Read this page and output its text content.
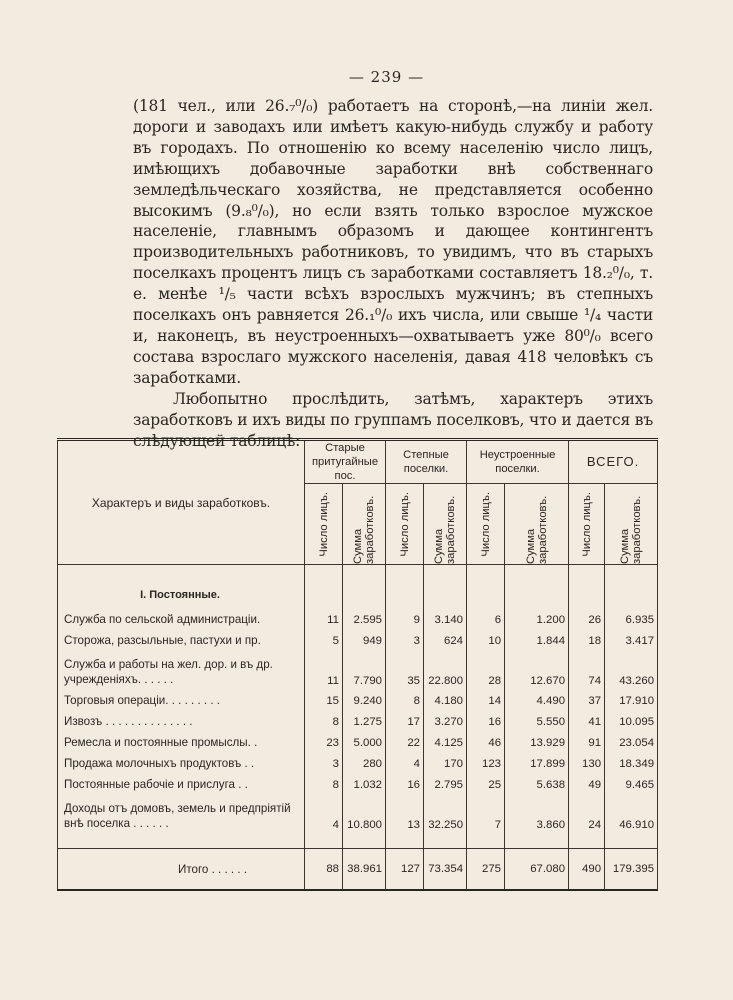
— 239 —

(181 чел., или 26.₇⁰/₀) работаетъ на сторонѣ,—на линіи жел. дороги и заводахъ или имѣетъ какую-нибудь службу и работу въ городахъ. По отношенію ко всему населенію число лицъ, имѣющихъ добавочные заработки внѣ собственнаго земледѣльческаго хозяйства, не представляется особенно высокимъ (9.₈⁰/₀), но если взять только взрослое мужское населеніе, главнымъ образомъ и дающее контингентъ производительныхъ работниковъ, то увидимъ, что въ старыхъ поселкахъ процентъ лицъ съ заработками составляетъ 18.₂⁰/₀, т. е. менѣе ¹/₅ части всѣхъ взрослыхъ мужчинъ; въ степныхъ поселкахъ онъ равняется 26.₁⁰/₀ ихъ числа, или свыше ¹/₄ части и, наконецъ, въ неустроенныхъ—охватываетъ уже 80⁰/₀ всего состава взрослаго мужского населенія, давая 418 человѣкъ съ заработками.

Любопытно прослѣдить, затѣмъ, характеръ этихъ заработковъ и ихъ виды по группамъ поселковъ, что и дается въ слѣдующей таблицѣ:

Характеръ и виды заработковъ.	Старые притугайные пос.		Степные поселки.		Неустроенные поселки.		ВСЕГО.	

	Число лицъ.	Сумма заработковъ.	Число лицъ.	Сумма заработковъ.	Число лицъ.	Сумма заработковъ.	Число лицъ.	Сумма заработковъ.

I. Постоянные.								
Служба по сельской администраціи.	11	2.595	9	3.140	6	1.200	26	6.935
Сторожа, разсыльные, пастухи и пр.	5	949	3	624	10	1.844	18	3.417
Служба и работы на жел. дор. и въ др. учрежденіяхъ. . . . . .	11	7.790	35	22.800	28	12.670	74	43.260
Торговыя операціи. . . . . . . . .	15	9.240	8	4.180	14	4.490	37	17.910
Извозъ . . . . . . . . . . . . . .	8	1.275	17	3.270	16	5.550	41	10.095
Ремесла и постоянные промыслы. .	23	5.000	22	4.125	46	13.929	91	23.054
Продажа молочныхъ продуктовъ . .	3	280	4	170	123	17.899	130	18.349
Постоянные рабочіе и прислуга . .	8	1.032	16	2.795	25	5.638	49	9.465
Доходы отъ домовъ, земель и предпріятій внѣ поселка . . . . . .	4	10.800	13	32.250	7	3.860	24	46.910

Итого . . . . . .	88	38.961	127	73.354	275	67.080	490	179.395
